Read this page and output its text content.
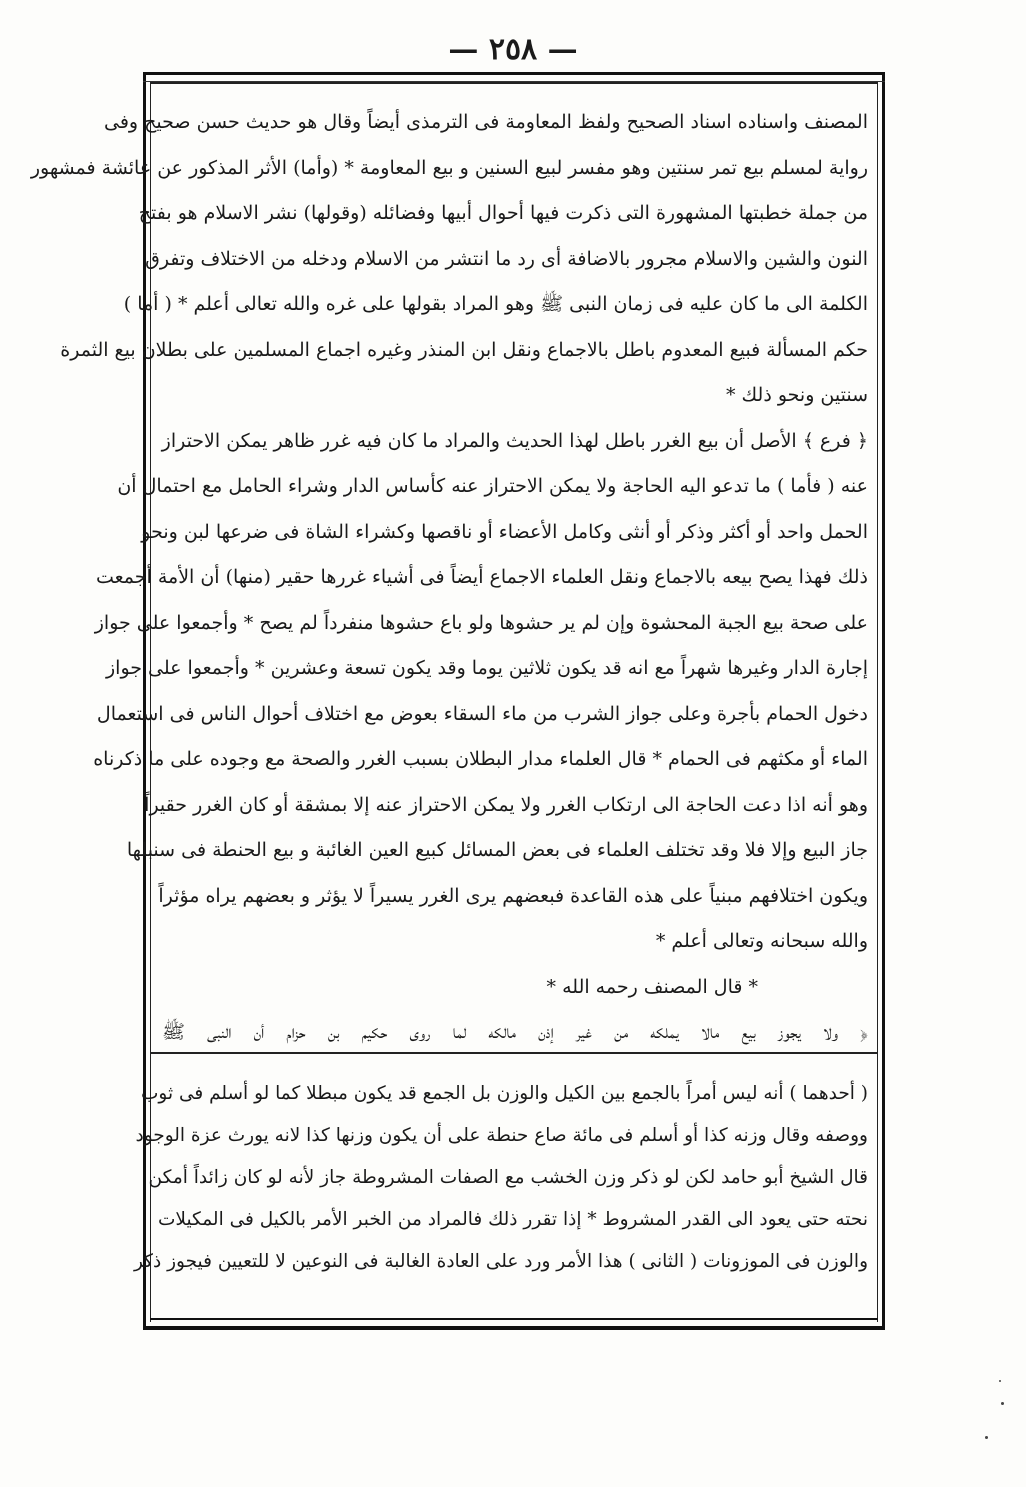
— ٢٥٨ —
المصنف واسناده اسناد الصحيح ولفظ المعاومة فى الترمذى أيضاً وقال هو حديث حسن صحيح وفى
رواية لمسلم بيع تمر سنتين وهو مفسر لبيع السنين و بيع المعاومة * (وأما) الأثر المذكور عن عائشة فمشهور
من جملة خطبتها المشهورة التى ذكرت فيها أحوال أبيها وفضائله (وقولها) نشر الاسلام هو بفتح
النون والشين والاسلام مجرور بالاضافة أى رد ما انتشر من الاسلام ودخله من الاختلاف وتفرق
الكلمة الى ما كان عليه فى زمان النبى ﷺ وهو المراد بقولها على غره والله تعالى أعلم * ( أما )
حكم المسألة فبيع المعدوم باطل بالاجماع ونقل ابن المنذر وغيره اجماع المسلمين على بطلان بيع الثمرة
سنتين ونحو ذلك *
﴿ فرع ﴾ الأصل أن بيع الغرر باطل لهذا الحديث والمراد ما كان فيه غرر ظاهر يمكن الاحتراز
عنه ( فأما ) ما تدعو اليه الحاجة ولا يمكن الاحتراز عنه كأساس الدار وشراء الحامل مع احتمال أن
الحمل واحد أو أكثر وذكر أو أنثى وكامل الأعضاء أو ناقصها وكشراء الشاة فى ضرعها لبن ونحو
ذلك فهذا يصح بيعه بالاجماع ونقل العلماء الاجماع أيضاً فى أشياء غررها حقير (منها) أن الأمة أجمعت
على صحة بيع الجبة المحشوة وإن لم ير حشوها ولو باع حشوها منفرداً لم يصح * وأجمعوا على جواز
إجارة الدار وغيرها شهراً مع انه قد يكون ثلاثين يوما وقد يكون تسعة وعشرين * وأجمعوا على جواز
دخول الحمام بأجرة وعلى جواز الشرب من ماء السقاء بعوض مع اختلاف أحوال الناس فى استعمال
الماء أو مكثهم فى الحمام * قال العلماء مدار البطلان بسبب الغرر والصحة مع وجوده على ما ذكرناه
وهو أنه اذا دعت الحاجة الى ارتكاب الغرر ولا يمكن الاحتراز عنه إلا بمشقة أو كان الغرر حقيراً
جاز البيع وإلا فلا وقد تختلف العلماء فى بعض المسائل كبيع العين الغائبة و بيع الحنطة فى سنبلها
ويكون اختلافهم مبنياً على هذه القاعدة فبعضهم يرى الغرر يسيراً لا يؤثر و بعضهم يراه مؤثراً
والله سبحانه وتعالى أعلم *
* قال المصنف رحمه الله *
﴿ ولا يجوز بيع مالا يملكه من غير إذن مالكه لما روى حكيم بن حزام أن النبى ﷺ
( أحدهما ) أنه ليس أمراً بالجمع بين الكيل والوزن بل الجمع قد يكون مبطلا كما لو أسلم فى ثوب
ووصفه وقال وزنه كذا أو أسلم فى مائة صاع حنطة على أن يكون وزنها كذا لانه يورث عزة الوجود
قال الشيخ أبو حامد لكن لو ذكر وزن الخشب مع الصفات المشروطة جاز لأنه لو كان زائداً أمكن
نحته حتى يعود الى القدر المشروط * إذا تقرر ذلك فالمراد من الخبر الأمر بالكيل فى المكيلات
والوزن فى الموزونات ( الثانى ) هذا الأمر ورد على العادة الغالبة فى النوعين لا للتعيين فيجوز ذكر
